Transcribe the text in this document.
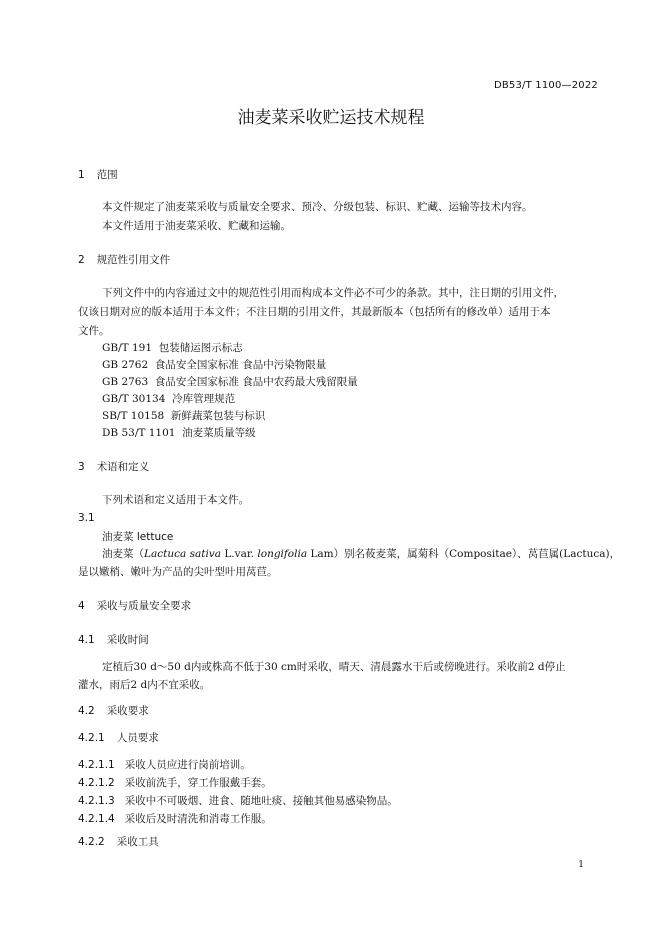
DB53/T 1100—2022
油麦菜采收贮运技术规程
1 范围
本文件规定了油麦菜采收与质量安全要求、预冷、分级包装、标识、贮藏、运输等技术内容。
本文件适用于油麦菜采收、贮藏和运输。
2 规范性引用文件
下列文件中的内容通过文中的规范性引用而构成本文件必不可少的条款。其中，注日期的引用文件，
仅该日期对应的版本适用于本文件；不注日期的引用文件，其最新版本（包括所有的修改单）适用于本
文件。
GB/T 191 包装储运图示标志
GB 2762 食品安全国家标准 食品中污染物限量
GB 2763 食品安全国家标准 食品中农药最大残留限量
GB/T 30134 冷库管理规范
SB/T 10158 新鲜蔬菜包装与标识
DB 53/T 1101 油麦菜质量等级
3 术语和定义
下列术语和定义适用于本文件。
3.1
油麦菜 lettuce
油麦菜（Lactuca sativa L.var. longifolia Lam）别名莜麦菜，属菊科（Compositae）、莴苣属(Lactuca)，
是以嫩梢、嫩叶为产品的尖叶型叶用莴苣。
4 采收与质量安全要求
4.1 采收时间
定植后30 d～50 d内或株高不低于30 cm时采收，晴天、清晨露水干后或傍晚进行。采收前2 d停止
灌水，雨后2 d内不宜采收。
4.2 采收要求
4.2.1 人员要求
4.2.1.1 采收人员应进行岗前培训。
4.2.1.2 采收前洗手，穿工作服戴手套。
4.2.1.3 采收中不可吸烟、进食、随地吐痰、接触其他易感染物品。
4.2.1.4 采收后及时清洗和消毒工作服。
4.2.2 采收工具
1
